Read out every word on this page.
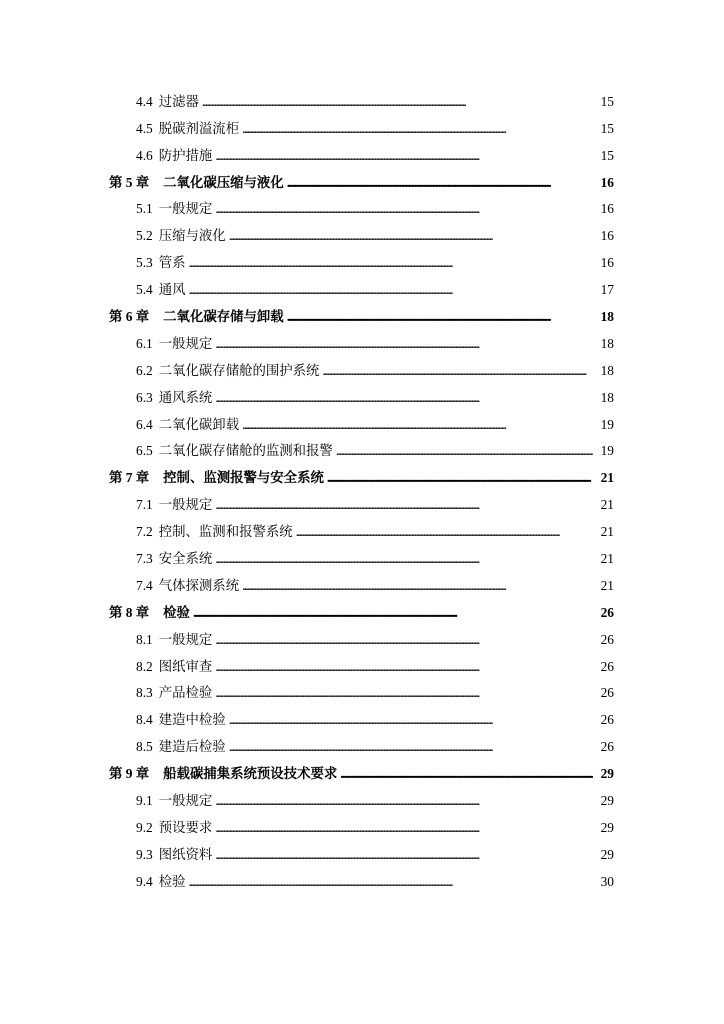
4.4 过滤器 . . .	15
4.5 脱碳剂溢流柜 . . .	15
4.6 防护措施 . . .	15
第 5 章 二氧化碳压缩与液化 . . .	16
5.1 一般规定 . . .	16
5.2 压缩与液化 . . .	16
5.3 管系 . . .	16
5.4 通风 . . .	17
第 6 章 二氧化碳存储与卸载 . . .	18
6.1 一般规定 . . .	18
6.2 二氧化碳存储舱的围护系统 . . .	18
6.3 通风系统 . . .	18
6.4 二氧化碳卸载 . . .	19
6.5 二氧化碳存储舱的监测和报警 . . .	19
第 7 章 控制、监测报警与安全系统 . . .	21
7.1 一般规定 . . .	21
7.2 控制、监测和报警系统 . . .	21
7.3 安全系统 . . .	21
7.4 气体探测系统 . . .	21
第 8 章 检验 . . .	26
8.1 一般规定 . . .	26
8.2 图纸审查 . . .	26
8.3 产品检验 . . .	26
8.4 建造中检验 . . .	26
8.5 建造后检验 . . .	26
第 9 章 船载碳捕集系统预设技术要求 . . .	29
9.1 一般规定 . . .	29
9.2 预设要求 . . .	29
9.3 图纸资料 . . .	29
9.4 检验 . . .	30
